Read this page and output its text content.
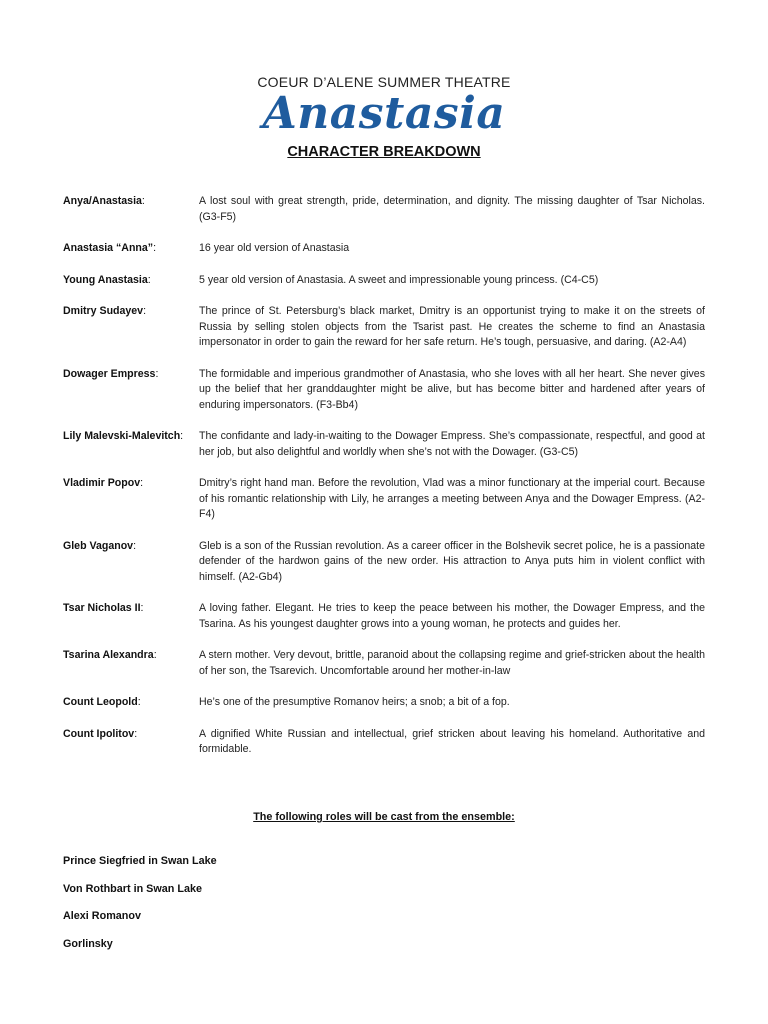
COEUR D’ALENE SUMMER THEATRE
Anastasia
CHARACTER BREAKDOWN
Anya/Anastasia:	A lost soul with great strength, pride, determination, and dignity. The missing daughter of Tsar Nicholas. (G3-F5)
Anastasia “Anna”:	16 year old version of Anastasia
Young Anastasia:	5 year old version of Anastasia. A sweet and impressionable young princess. (C4-C5)
Dmitry Sudayev:	The prince of St. Petersburg’s black market, Dmitry is an opportunist trying to make it on the streets of Russia by selling stolen objects from the Tsarist past. He creates the scheme to find an Anastasia impersonator in order to gain the reward for her safe return. He’s tough, persuasive, and daring. (A2-A4)
Dowager Empress:	The formidable and imperious grandmother of Anastasia, who she loves with all her heart. She never gives up the belief that her granddaughter might be alive, but has become bitter and hardened after years of enduring impersonators. (F3-Bb4)
Lily Malevski-Malevitch:	The confidante and lady-in-waiting to the Dowager Empress. She’s compassionate, respectful, and good at her job, but also delightful and worldly when she’s not with the Dowager. (G3-C5)
Vladimir Popov:	Dmitry’s right hand man. Before the revolution, Vlad was a minor functionary at the imperial court. Because of his romantic relationship with Lily, he arranges a meeting between Anya and the Dowager Empress. (A2-F4)
Gleb Vaganov:	Gleb is a son of the Russian revolution. As a career officer in the Bolshevik secret police, he is a passionate defender of the hardwon gains of the new order. His attraction to Anya puts him in violent conflict with himself. (A2-Gb4)
Tsar Nicholas II:	A loving father. Elegant. He tries to keep the peace between his mother, the Dowager Empress, and the Tsarina. As his youngest daughter grows into a young woman, he protects and guides her.
Tsarina Alexandra:	A stern mother. Very devout, brittle, paranoid about the collapsing regime and grief-stricken about the health of her son, the Tsarevich. Uncomfortable around her mother-in-law
Count Leopold:	He’s one of the presumptive Romanov heirs; a snob; a bit of a fop.
Count Ipolitov:	A dignified White Russian and intellectual, grief stricken about leaving his homeland. Authoritative and formidable.
The following roles will be cast from the ensemble:
Prince Siegfried in Swan Lake
Von Rothbart in Swan Lake
Alexi Romanov
Gorlinsky
